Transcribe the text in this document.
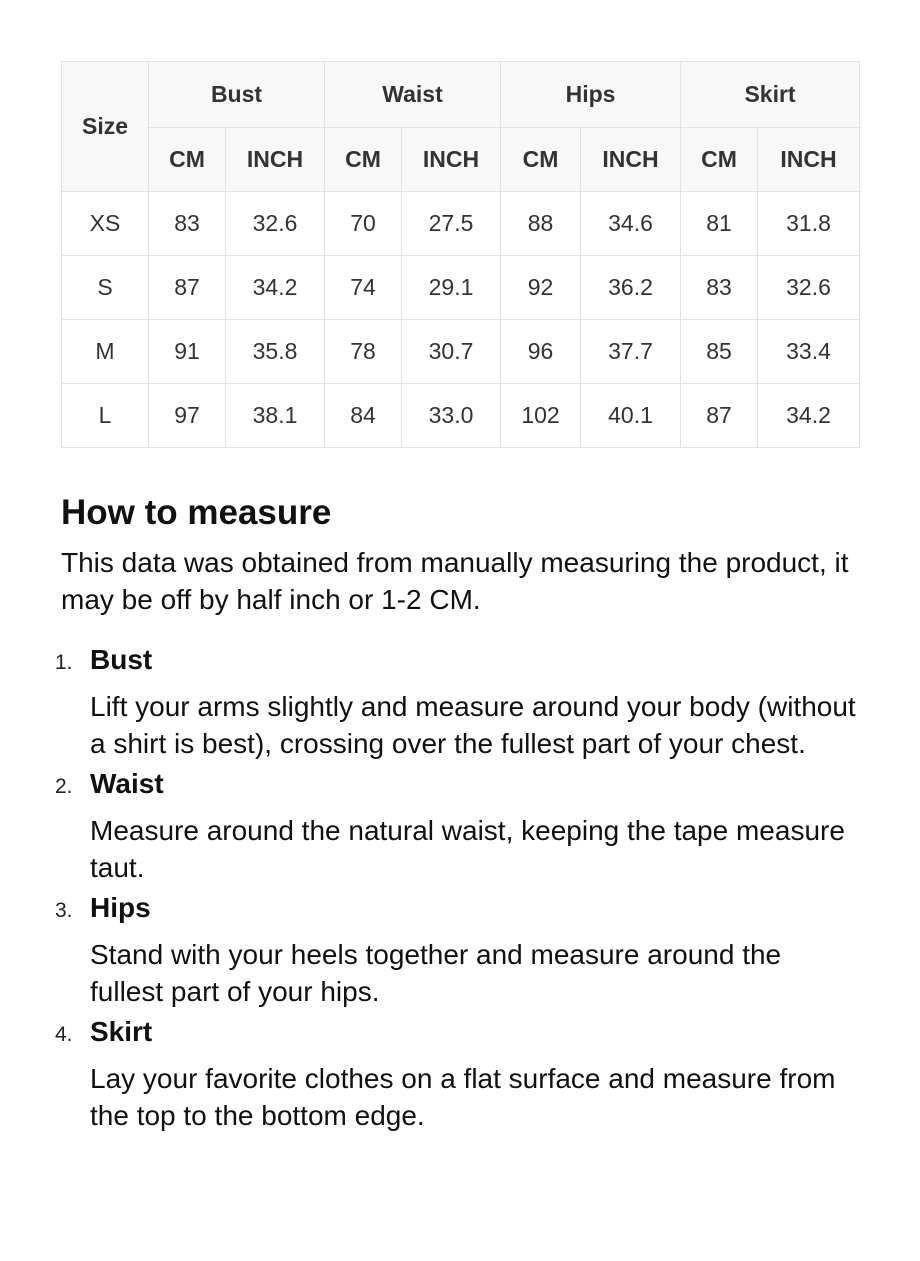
Size	Bust		Waist		Hips		Skirt	
	CM	INCH	CM	INCH	CM	INCH	CM	INCH
XS	83	32.6	70	27.5	88	34.6	81	31.8
S	87	34.2	74	29.1	92	36.2	83	32.6
M	91	35.8	78	30.7	96	37.7	85	33.4
L	97	38.1	84	33.0	102	40.1	87	34.2
How to measure

This data was obtained from manually measuring the product, it may be off by half inch or 1-2 CM.

1. Bust
Lift your arms slightly and measure around your body (without a shirt is best), crossing over the fullest part of your chest.
2. Waist
Measure around the natural waist, keeping the tape measure taut.
3. Hips
Stand with your heels together and measure around the fullest part of your hips.
4. Skirt
Lay your favorite clothes on a flat surface and measure from the top to the bottom edge.
